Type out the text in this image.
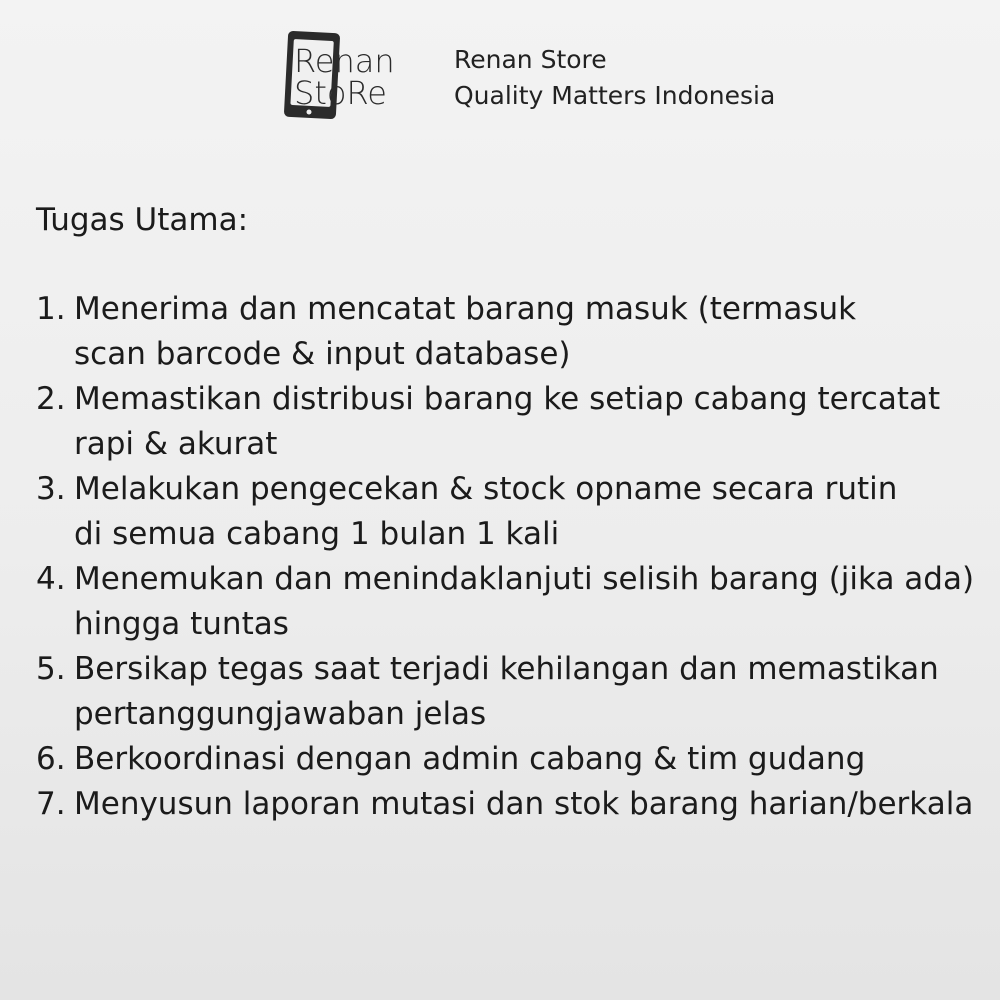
Renan
StoRe
Renan Store
Quality Matters Indonesia
Tugas Utama:
1. Menerima dan mencatat barang masuk (termasuk
scan barcode & input database)
2. Memastikan distribusi barang ke setiap cabang tercatat
rapi & akurat
3. Melakukan pengecekan & stock opname secara rutin
di semua cabang 1 bulan 1 kali
4. Menemukan dan menindaklanjuti selisih barang (jika ada)
hingga tuntas
5. Bersikap tegas saat terjadi kehilangan dan memastikan
pertanggungjawaban jelas
6. Berkoordinasi dengan admin cabang & tim gudang
7. Menyusun laporan mutasi dan stok barang harian/berkala
